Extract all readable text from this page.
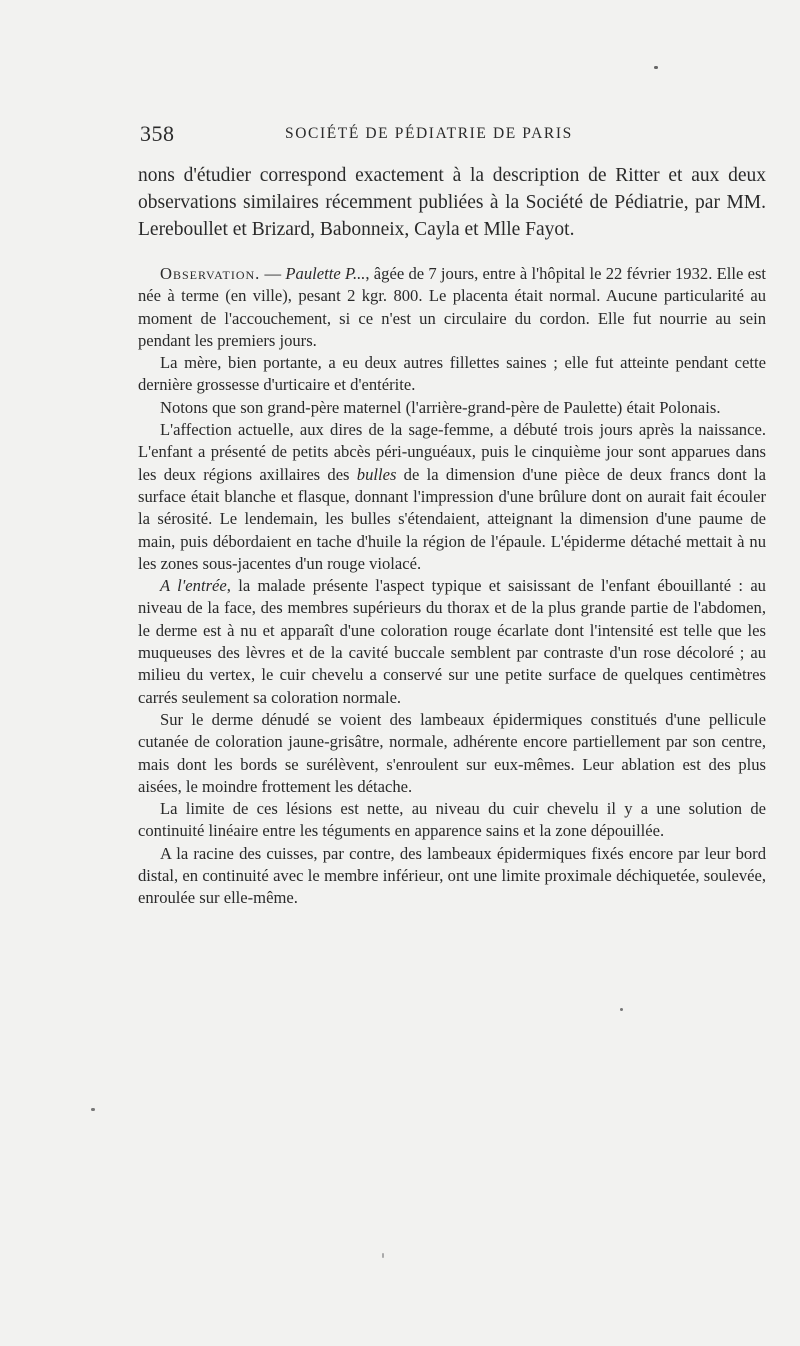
358	SOCIÉTÉ DE PÉDIATRIE DE PARIS

nons d'étudier correspond exactement à la description de Ritter et aux deux observations similaires récemment publiées à la Société de Pédiatrie, par MM. Lereboullet et Brizard, Babonneix, Cayla et Mlle Fayot.

Observation. — Paulette P..., âgée de 7 jours, entre à l'hôpital le 22 février 1932. Elle est née à terme (en ville), pesant 2 kgr. 800. Le placenta était normal. Aucune particularité au moment de l'accouchement, si ce n'est un circulaire du cordon. Elle fut nourrie au sein pendant les premiers jours.

La mère, bien portante, a eu deux autres fillettes saines ; elle fut atteinte pendant cette dernière grossesse d'urticaire et d'entérite.

Notons que son grand-père maternel (l'arrière-grand-père de Paulette) était Polonais.

L'affection actuelle, aux dires de la sage-femme, a débuté trois jours après la naissance. L'enfant a présenté de petits abcès péri-unguéaux, puis le cinquième jour sont apparues dans les deux régions axillaires des bulles de la dimension d'une pièce de deux francs dont la surface était blanche et flasque, donnant l'impression d'une brûlure dont on aurait fait écouler la sérosité. Le lendemain, les bulles s'étendaient, atteignant la dimension d'une paume de main, puis débordaient en tache d'huile la région de l'épaule. L'épiderme détaché mettait à nu les zones sous-jacentes d'un rouge violacé.

A l'entrée, la malade présente l'aspect typique et saisissant de l'enfant ébouillanté : au niveau de la face, des membres supérieurs du thorax et de la plus grande partie de l'abdomen, le derme est à nu et apparaît d'une coloration rouge écarlate dont l'intensité est telle que les muqueuses des lèvres et de la cavité buccale semblent par contraste d'un rose décoloré ; au milieu du vertex, le cuir chevelu a conservé sur une petite surface de quelques centimètres carrés seulement sa coloration normale.

Sur le derme dénudé se voient des lambeaux épidermiques constitués d'une pellicule cutanée de coloration jaune-grisâtre, normale, adhérente encore partiellement par son centre, mais dont les bords se surélèvent, s'enroulent sur eux-mêmes. Leur ablation est des plus aisées, le moindre frottement les détache.

La limite de ces lésions est nette, au niveau du cuir chevelu il y a une solution de continuité linéaire entre les téguments en apparence sains et la zone dépouillée.

A la racine des cuisses, par contre, des lambeaux épidermiques fixés encore par leur bord distal, en continuité avec le membre inférieur, ont une limite proximale déchiquetée, soulevée, enroulée sur elle-même.
